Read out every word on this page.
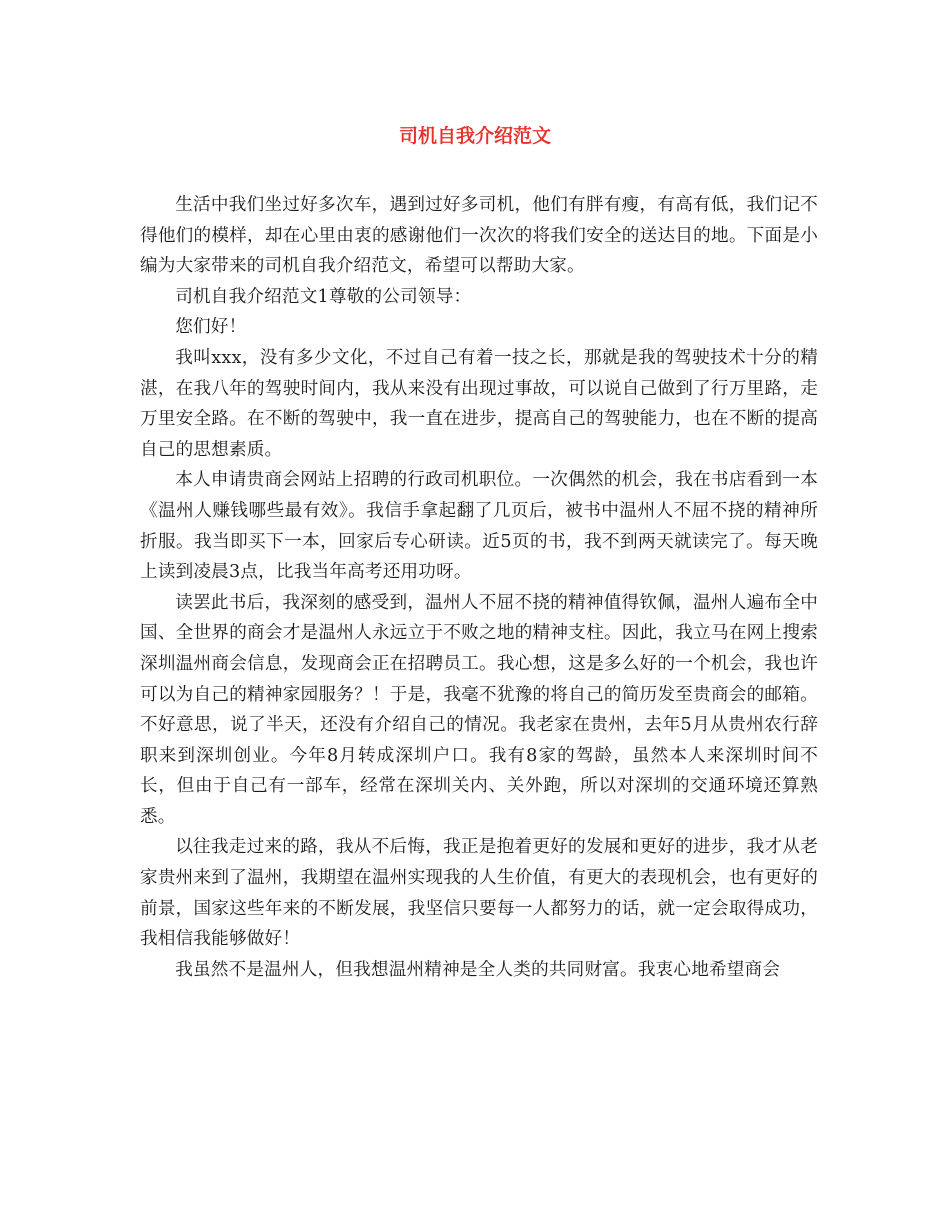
司机自我介绍范文

生活中我们坐过好多次车，遇到过好多司机，他们有胖有瘦，有高有低，我们记不得他们的模样，却在心里由衷的感谢他们一次次的将我们安全的送达目的地。下面是小编为大家带来的司机自我介绍范文，希望可以帮助大家。

司机自我介绍范文1尊敬的公司领导：

您们好！

我叫xxx，没有多少文化，不过自己有着一技之长，那就是我的驾驶技术十分的精湛，在我八年的驾驶时间内，我从来没有出现过事故，可以说自己做到了行万里路，走万里安全路。在不断的驾驶中，我一直在进步，提高自己的驾驶能力，也在不断的提高自己的思想素质。

本人申请贵商会网站上招聘的行政司机职位。一次偶然的机会，我在书店看到一本《温州人赚钱哪些最有效》。我信手拿起翻了几页后，被书中温州人不屈不挠的精神所折服。我当即买下一本，回家后专心研读。近5页的书，我不到两天就读完了。每天晚上读到凌晨3点，比我当年高考还用功呀。

读罢此书后，我深刻的感受到，温州人不屈不挠的精神值得钦佩，温州人遍布全中国、全世界的商会才是温州人永远立于不败之地的精神支柱。因此，我立马在网上搜索深圳温州商会信息，发现商会正在招聘员工。我心想，这是多么好的一个机会，我也许可以为自己的精神家园服务？！于是，我毫不犹豫的将自己的简历发至贵商会的邮箱。不好意思，说了半天，还没有介绍自己的情况。我老家在贵州，去年5月从贵州农行辞职来到深圳创业。今年8月转成深圳户口。我有8家的驾龄，虽然本人来深圳时间不长，但由于自己有一部车，经常在深圳关内、关外跑，所以对深圳的交通环境还算熟悉。

以往我走过来的路，我从不后悔，我正是抱着更好的发展和更好的进步，我才从老家贵州来到了温州，我期望在温州实现我的人生价值，有更大的表现机会，也有更好的前景，国家这些年来的不断发展，我坚信只要每一人都努力的话，就一定会取得成功，我相信我能够做好！

我虽然不是温州人，但我想温州精神是全人类的共同财富。我衷心地希望商会
